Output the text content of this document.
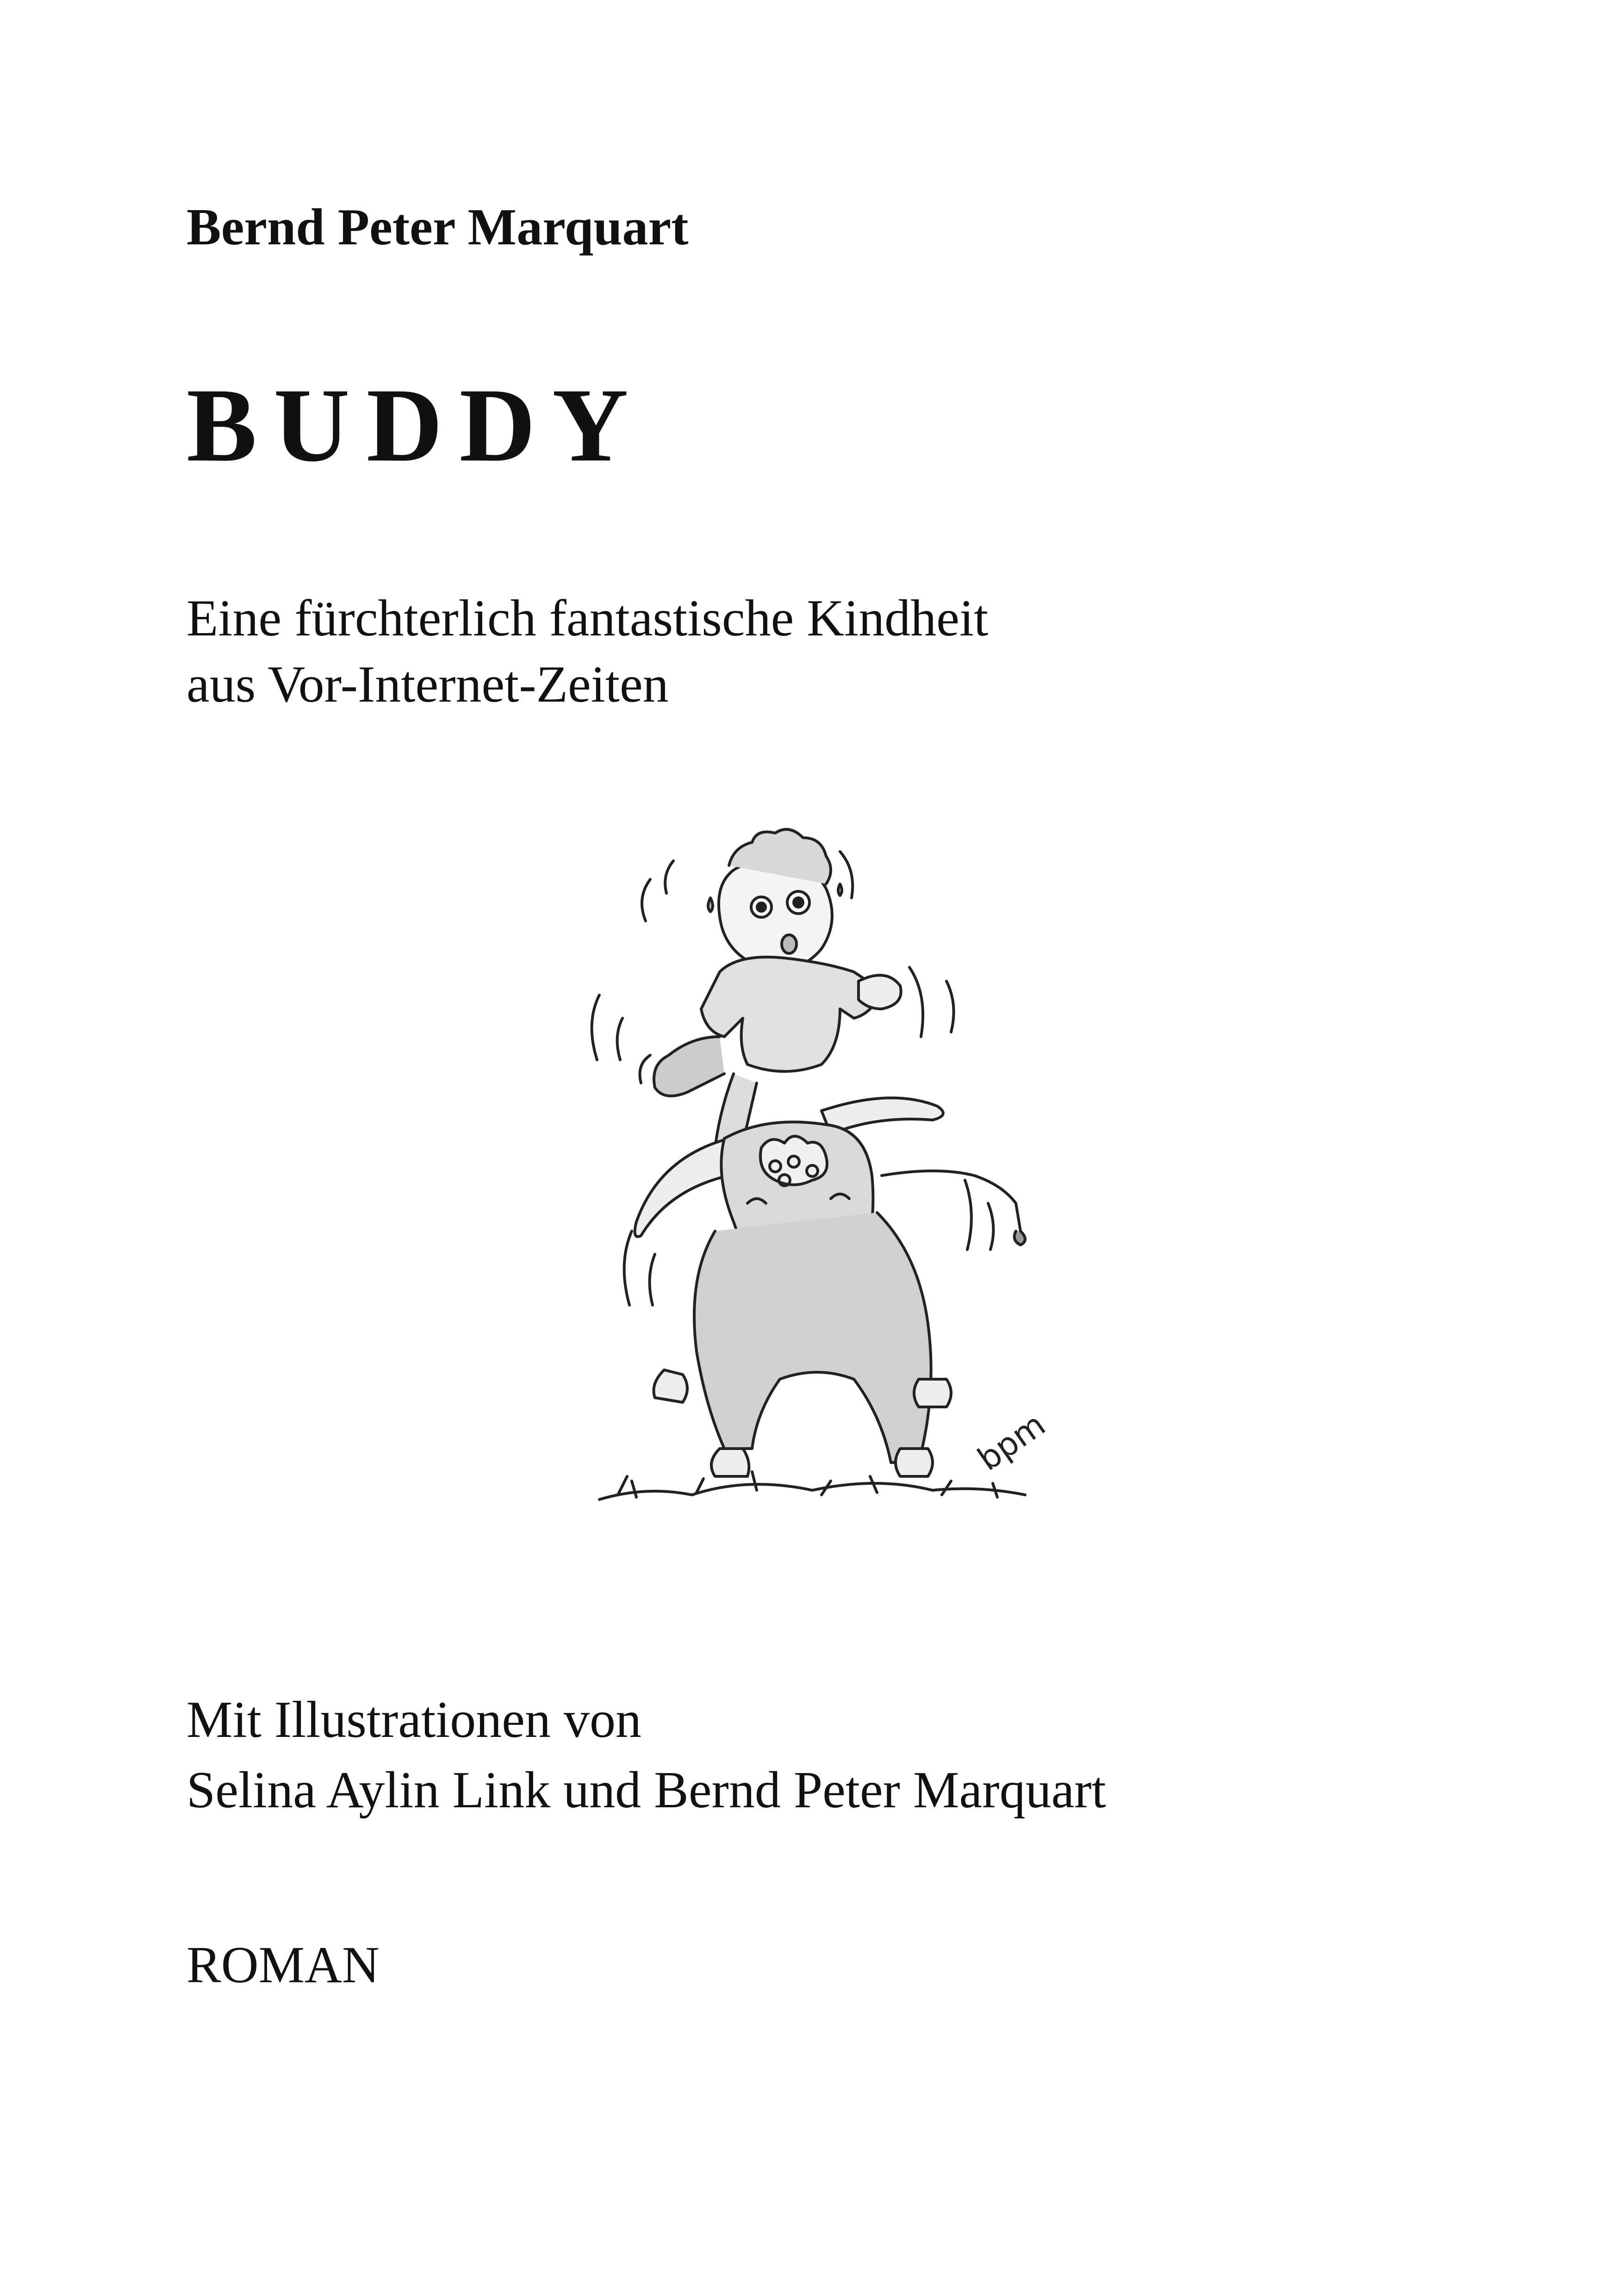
Bernd Peter Marquart
BUDDY
Eine fürchterlich fantastische Kindheit
aus Vor-Internet-Zeiten
bpm
Mit Illustrationen von
Selina Aylin Link und Bernd Peter Marquart
ROMAN
